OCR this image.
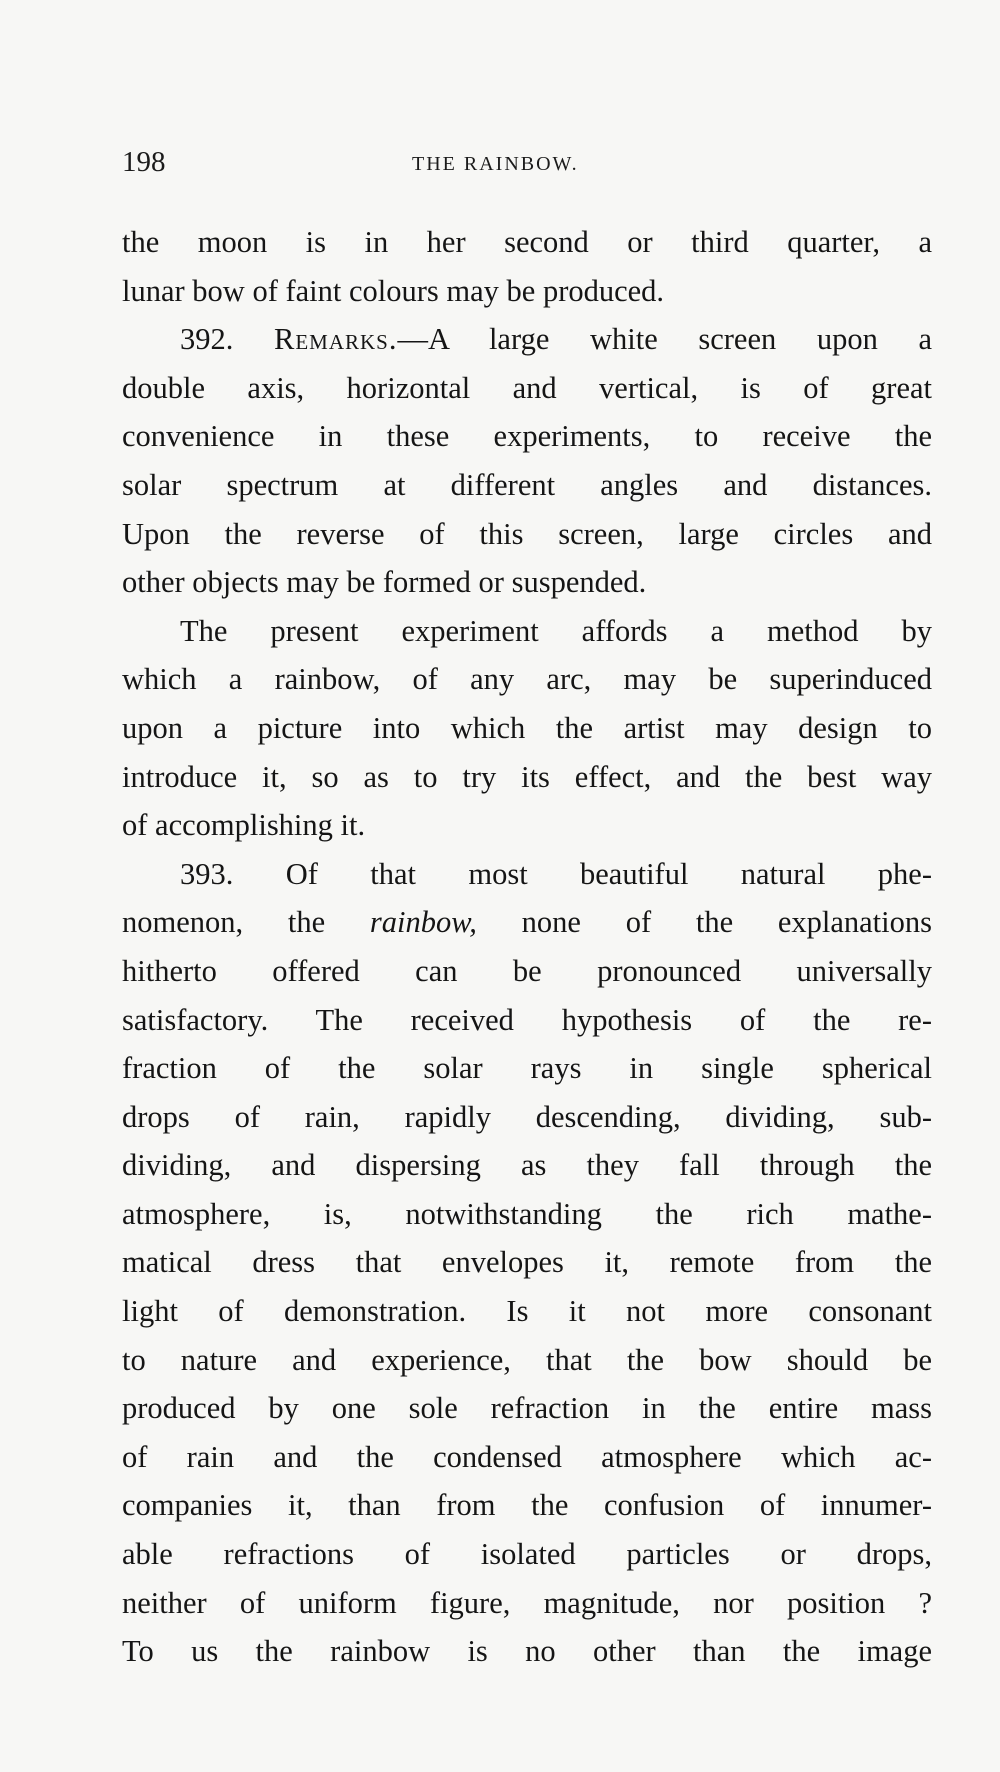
198	THE RAINBOW.
the moon is in her second or third quarter, a
lunar bow of faint colours may be produced.
392. Remarks.—A large white screen upon a
double axis, horizontal and vertical, is of great
convenience in these experiments, to receive the
solar spectrum at different angles and distances.
Upon the reverse of this screen, large circles and
other objects may be formed or suspended.
The present experiment affords a method by
which a rainbow, of any arc, may be superinduced
upon a picture into which the artist may design to
introduce it, so as to try its effect, and the best way
of accomplishing it.
393. Of that most beautiful natural phe-
nomenon, the rainbow, none of the explanations
hitherto offered can be pronounced universally
satisfactory. The received hypothesis of the re-
fraction of the solar rays in single spherical
drops of rain, rapidly descending, dividing, sub-
dividing, and dispersing as they fall through the
atmosphere, is, notwithstanding the rich mathe-
matical dress that envelopes it, remote from the
light of demonstration. Is it not more consonant
to nature and experience, that the bow should be
produced by one sole refraction in the entire mass
of rain and the condensed atmosphere which ac-
companies it, than from the confusion of innumer-
able refractions of isolated particles or drops,
neither of uniform figure, magnitude, nor position ?
To us the rainbow is no other than the image
